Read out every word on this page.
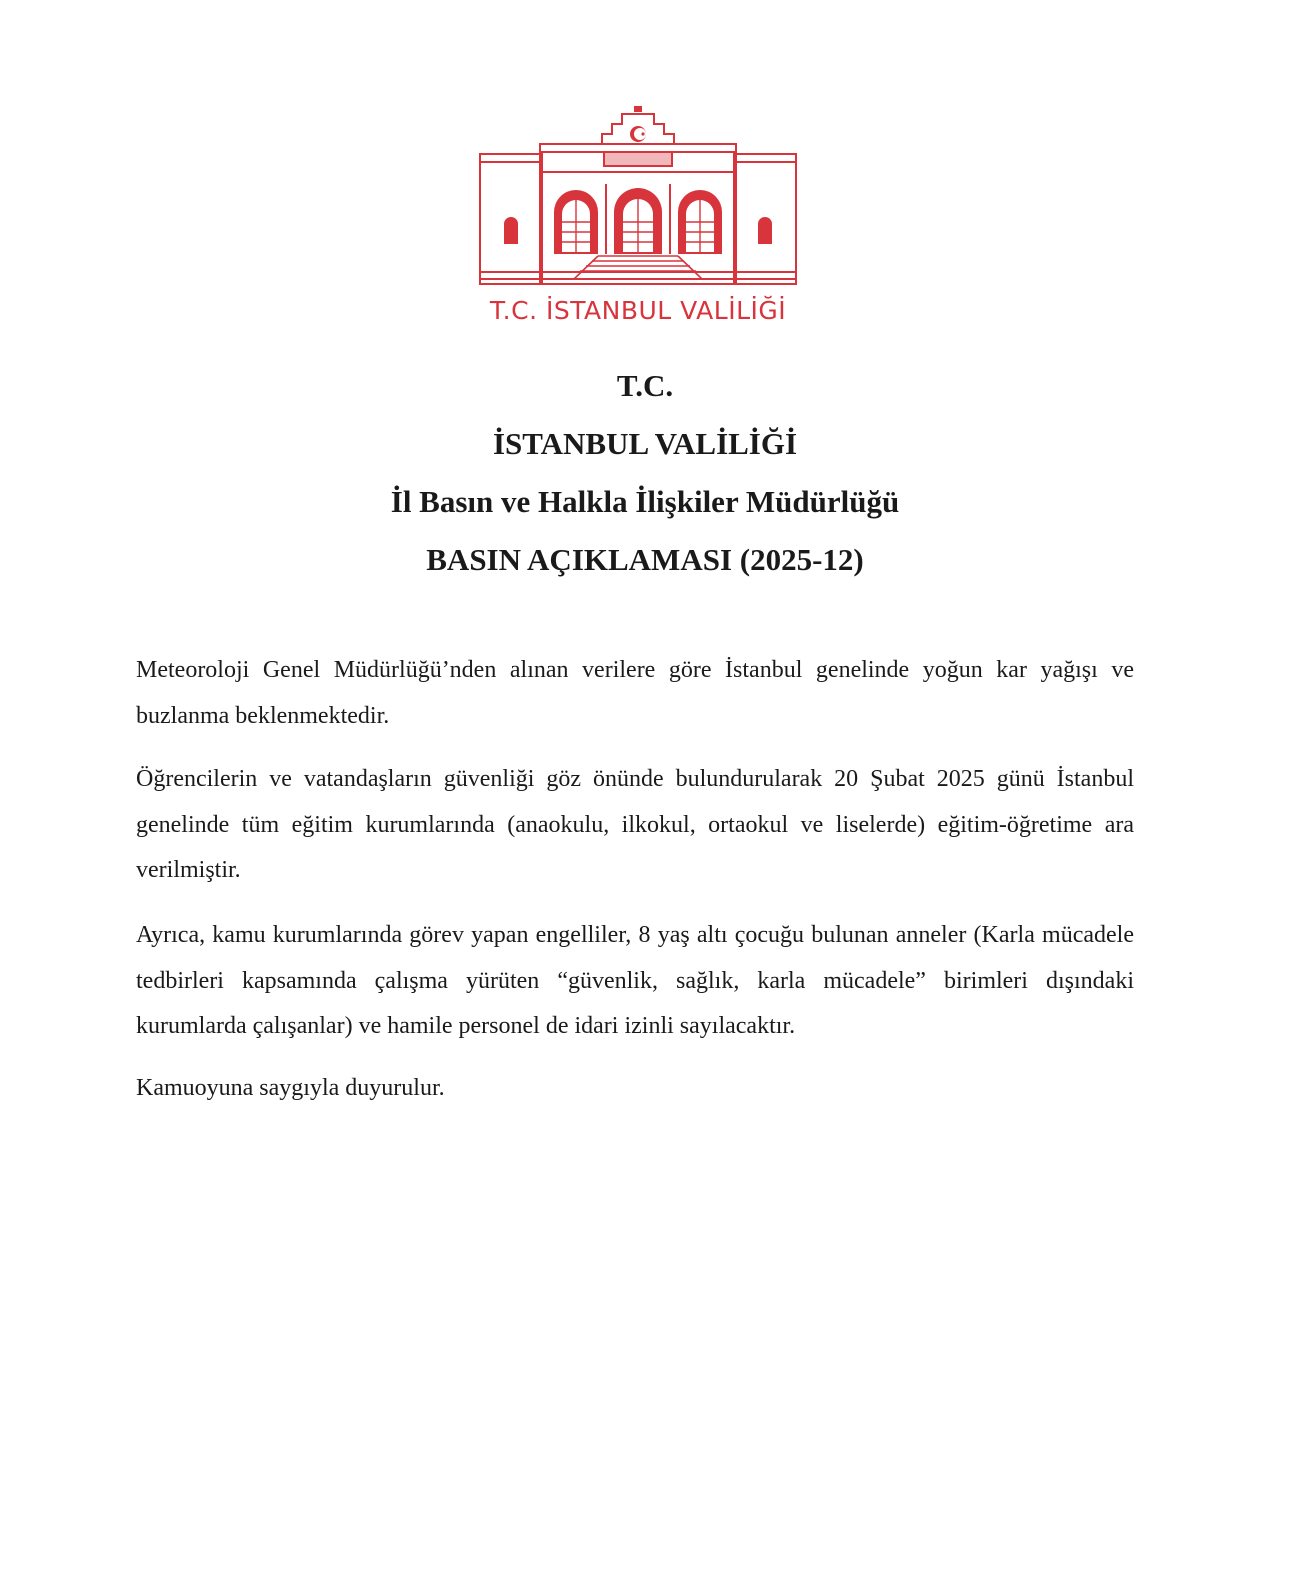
T.C. İSTANBUL VALİLİĞİ
T.C.
İSTANBUL VALİLİĞİ
İl Basın ve Halkla İlişkiler Müdürlüğü
BASIN AÇIKLAMASI (2025-12)

Meteoroloji Genel Müdürlüğü’nden alınan verilere göre İstanbul genelinde yoğun kar yağışı ve buzlanma beklenmektedir.

Öğrencilerin ve vatandaşların güvenliği göz önünde bulundurularak 20 Şubat 2025 günü İstanbul genelinde tüm eğitim kurumlarında (anaokulu, ilkokul, ortaokul ve liselerde) eğitim-öğretime ara verilmiştir.

Ayrıca, kamu kurumlarında görev yapan engelliler, 8 yaş altı çocuğu bulunan anneler (Karla mücadele tedbirleri kapsamında çalışma yürüten “güvenlik, sağlık, karla mücadele” birimleri dışındaki kurumlarda çalışanlar) ve hamile personel de idari izinli sayılacaktır.

Kamuoyuna saygıyla duyurulur.
